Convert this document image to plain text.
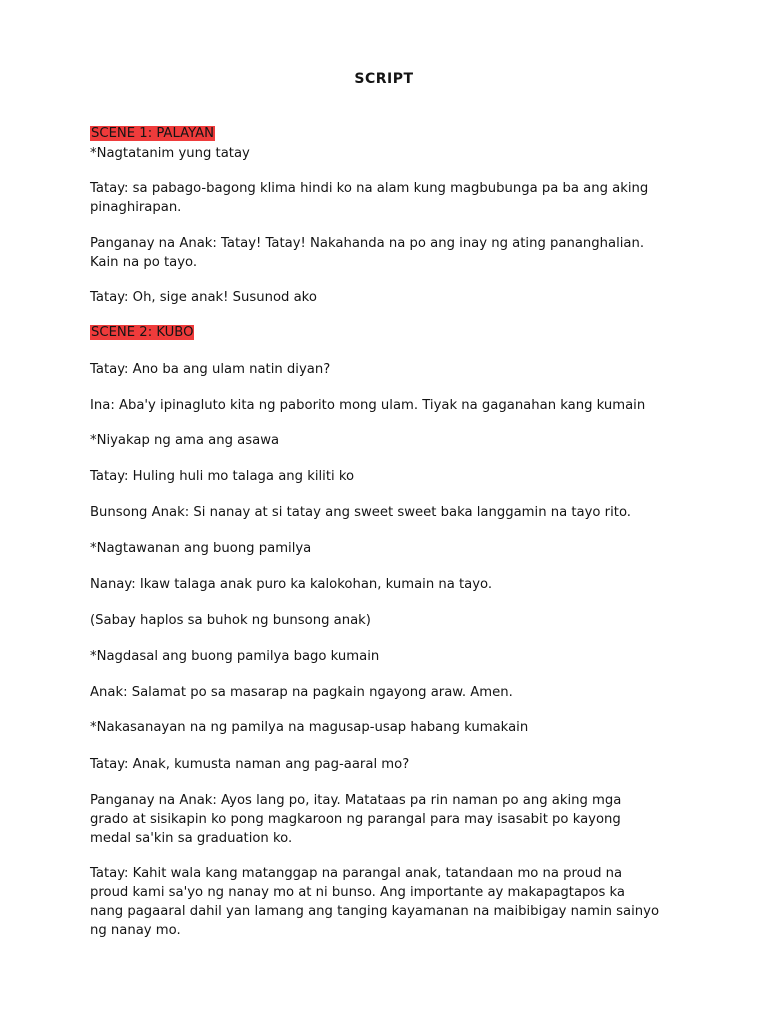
SCRIPT
SCENE 1: PALAYAN
*Nagtatanim yung tatay
Tatay: sa pabago-bagong klima hindi ko na alam kung magbubunga pa ba ang aking
pinaghirapan.
Panganay na Anak: Tatay! Tatay! Nakahanda na po ang inay ng ating pananghalian.
Kain na po tayo.
Tatay: Oh, sige anak! Susunod ako
SCENE 2: KUBO
Tatay: Ano ba ang ulam natin diyan?
Ina: Aba'y ipinagluto kita ng paborito mong ulam. Tiyak na gaganahan kang kumain
*Niyakap ng ama ang asawa
Tatay: Huling huli mo talaga ang kiliti ko
Bunsong Anak: Si nanay at si tatay ang sweet sweet baka langgamin na tayo rito.
*Nagtawanan ang buong pamilya
Nanay: Ikaw talaga anak puro ka kalokohan, kumain na tayo.
(Sabay haplos sa buhok ng bunsong anak)
*Nagdasal ang buong pamilya bago kumain
Anak: Salamat po sa masarap na pagkain ngayong araw. Amen.
*Nakasanayan na ng pamilya na magusap-usap habang kumakain
Tatay: Anak, kumusta naman ang pag-aaral mo?
Panganay na Anak: Ayos lang po, itay. Matataas pa rin naman po ang aking mga
grado at sisikapin ko pong magkaroon ng parangal para may isasabit po kayong
medal sa'kin sa graduation ko.
Tatay: Kahit wala kang matanggap na parangal anak, tatandaan mo na proud na
proud kami sa'yo ng nanay mo at ni bunso. Ang importante ay makapagtapos ka
nang pagaaral dahil yan lamang ang tanging kayamanan na maibibigay namin sainyo
ng nanay mo.
